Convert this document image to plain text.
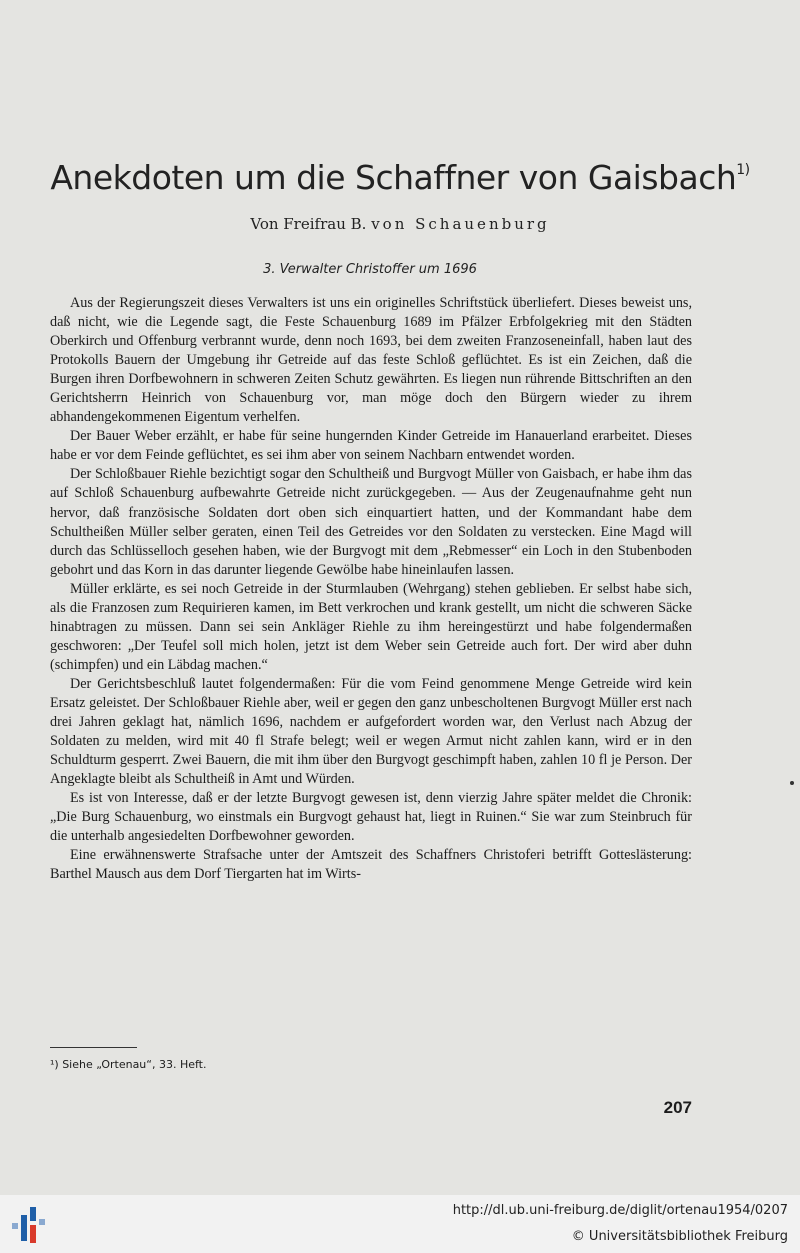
Anekdoten um die Schaffner von Gaisbach$^{1)}$
Von Freifrau B. von Schauenburg
3. Verwalter Christoffer um 1696

Aus der Regierungszeit dieses Verwalters ist uns ein originelles Schriftstück überliefert. Dieses beweist uns, daß nicht, wie die Legende sagt, die Feste Schauenburg 1689 im Pfälzer Erbfolgekrieg mit den Städten Oberkirch und Offenburg verbrannt wurde, denn noch 1693, bei dem zweiten Franzoseneinfall, haben laut des Protokolls Bauern der Umgebung ihr Getreide auf das feste Schloß geflüchtet. Es ist ein Zeichen, daß die Burgen ihren Dorfbewohnern in schweren Zeiten Schutz gewährten. Es liegen nun rührende Bittschriften an den Gerichtsherrn Heinrich von Schauenburg vor, man möge doch den Bürgern wieder zu ihrem abhandengekommenen Eigentum verhelfen.

Der Bauer Weber erzählt, er habe für seine hungernden Kinder Getreide im Hanauerland erarbeitet. Dieses habe er vor dem Feinde geflüchtet, es sei ihm aber von seinem Nachbarn entwendet worden.

Der Schloßbauer Riehle bezichtigt sogar den Schultheiß und Burgvogt Müller von Gaisbach, er habe ihm das auf Schloß Schauenburg aufbewahrte Getreide nicht zurückgegeben. — Aus der Zeugenaufnahme geht nun hervor, daß französische Soldaten dort oben sich einquartiert hatten, und der Kommandant habe dem Schultheißen Müller selber geraten, einen Teil des Getreides vor den Soldaten zu verstecken. Eine Magd will durch das Schlüsselloch gesehen haben, wie der Burgvogt mit dem „Rebmesser“ ein Loch in den Stubenboden gebohrt und das Korn in das darunter liegende Gewölbe habe hineinlaufen lassen.

Müller erklärte, es sei noch Getreide in der Sturmlauben (Wehrgang) stehen geblieben. Er selbst habe sich, als die Franzosen zum Requirieren kamen, im Bett verkrochen und krank gestellt, um nicht die schweren Säcke hinabtragen zu müssen. Dann sei sein Ankläger Riehle zu ihm hereingestürzt und habe folgendermaßen geschworen: „Der Teufel soll mich holen, jetzt ist dem Weber sein Getreide auch fort. Der wird aber duhn (schimpfen) und ein Läbdag machen.“

Der Gerichtsbeschluß lautet folgendermaßen: Für die vom Feind genommene Menge Getreide wird kein Ersatz geleistet. Der Schloßbauer Riehle aber, weil er gegen den ganz unbescholtenen Burgvogt Müller erst nach drei Jahren geklagt hat, nämlich 1696, nachdem er aufgefordert worden war, den Verlust nach Abzug der Soldaten zu melden, wird mit 40 fl Strafe belegt; weil er wegen Armut nicht zahlen kann, wird er in den Schuldturm gesperrt. Zwei Bauern, die mit ihm über den Burgvogt geschimpft haben, zahlen 10 fl je Person. Der Angeklagte bleibt als Schultheiß in Amt und Würden.

Es ist von Interesse, daß er der letzte Burgvogt gewesen ist, denn vierzig Jahre später meldet die Chronik: „Die Burg Schauenburg, wo einstmals ein Burgvogt gehaust hat, liegt in Ruinen.“ Sie war zum Steinbruch für die unterhalb angesiedelten Dorfbewohner geworden.

Eine erwähnenswerte Strafsache unter der Amtszeit des Schaffners Christoferi betrifft Gotteslästerung: Barthel Mausch aus dem Dorf Tiergarten hat im Wirts-

¹) Siehe „Ortenau“, 33. Heft.
207
http://dl.ub.uni-freiburg.de/diglit/ortenau1954/0207
© Universitätsbibliothek Freiburg
